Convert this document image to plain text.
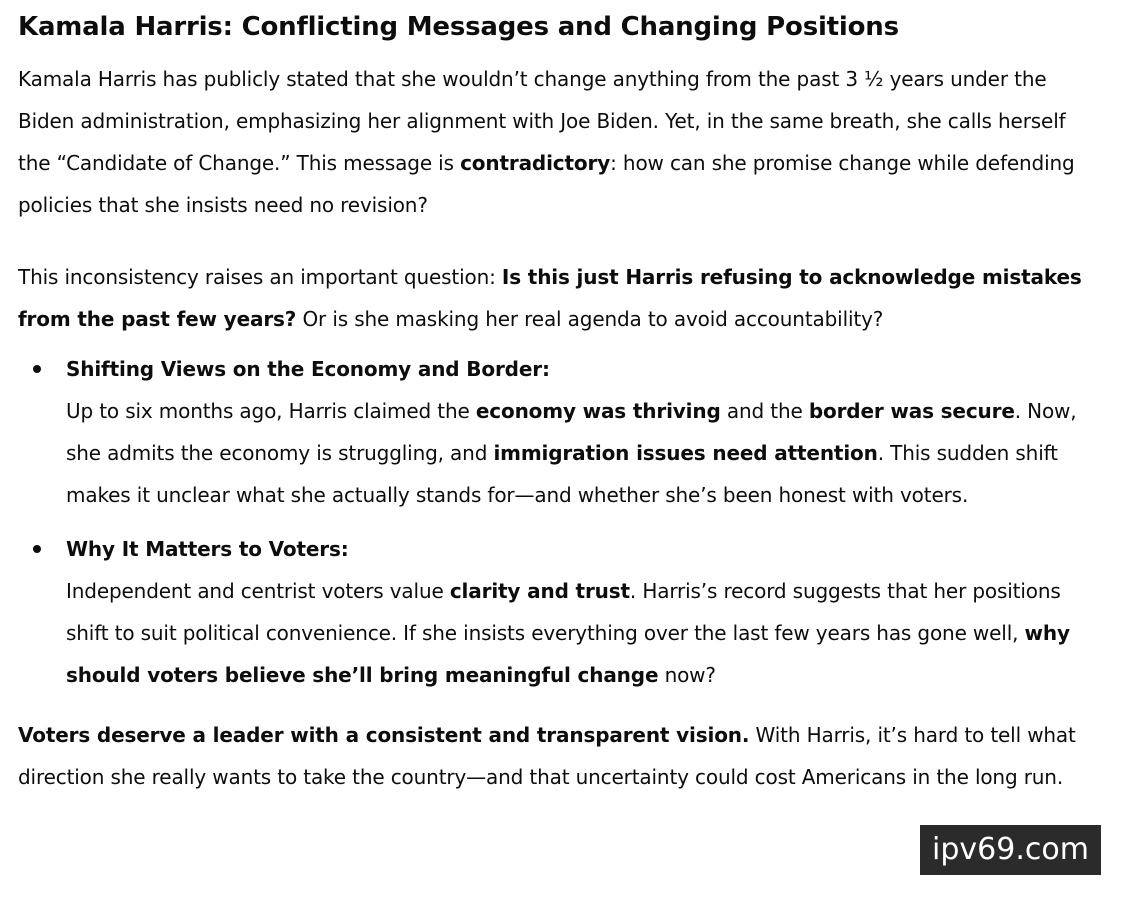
Kamala Harris: Conflicting Messages and Changing Positions

Kamala Harris has publicly stated that she wouldn’t change anything from the past 3 ½ years under the Biden administration, emphasizing her alignment with Joe Biden. Yet, in the same breath, she calls herself the “Candidate of Change.” This message is contradictory: how can she promise change while defending policies that she insists need no revision?

This inconsistency raises an important question: Is this just Harris refusing to acknowledge mistakes from the past few years? Or is she masking her real agenda to avoid accountability?

Shifting Views on the Economy and Border:
Up to six months ago, Harris claimed the economy was thriving and the border was secure. Now, she admits the economy is struggling, and immigration issues need attention. This sudden shift makes it unclear what she actually stands for—and whether she’s been honest with voters.
Why It Matters to Voters:
Independent and centrist voters value clarity and trust. Harris’s record suggests that her positions shift to suit political convenience. If she insists everything over the last few years has gone well, why should voters believe she’ll bring meaningful change now?

Voters deserve a leader with a consistent and transparent vision. With Harris, it’s hard to tell what direction she really wants to take the country—and that uncertainty could cost Americans in the long run.

ipv69.com
